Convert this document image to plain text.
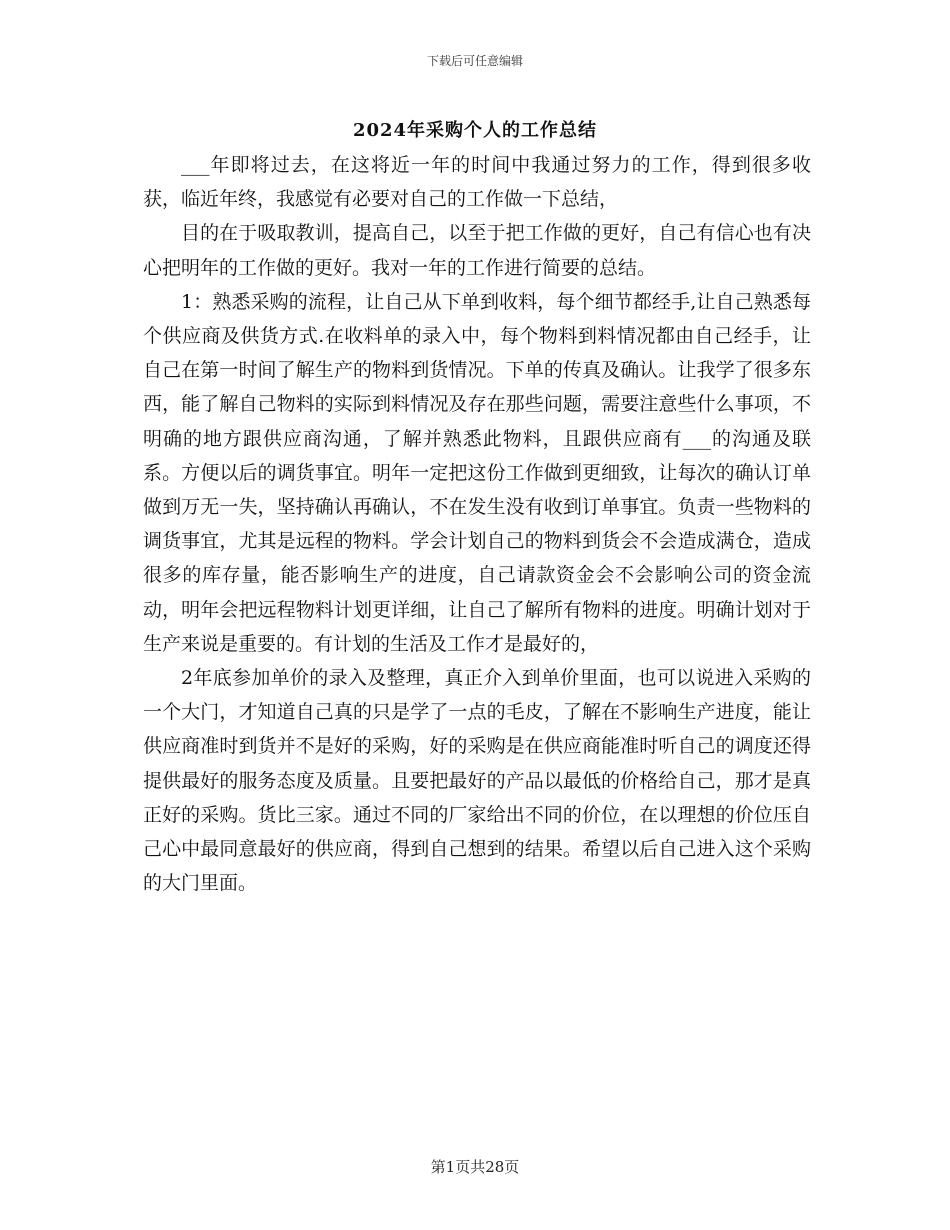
下载后可任意编辑
2024年采购个人的工作总结

___年即将过去，在这将近一年的时间中我通过努力的工作，得到很多收获，临近年终，我感觉有必要对自己的工作做一下总结，

目的在于吸取教训，提高自己，以至于把工作做的更好，自己有信心也有决心把明年的工作做的更好。我对一年的工作进行简要的总结。

1：熟悉采购的流程，让自己从下单到收料，每个细节都经手,让自己熟悉每个供应商及供货方式.在收料单的录入中，每个物料到料情况都由自己经手，让自己在第一时间了解生产的物料到货情况。下单的传真及确认。让我学了很多东西，能了解自己物料的实际到料情况及存在那些问题，需要注意些什么事项，不明确的地方跟供应商沟通，了解并熟悉此物料，且跟供应商有___的沟通及联系。方便以后的调货事宜。明年一定把这份工作做到更细致，让每次的确认订单做到万无一失，坚持确认再确认，不在发生没有收到订单事宜。负责一些物料的调货事宜，尤其是远程的物料。学会计划自己的物料到货会不会造成满仓，造成很多的库存量，能否影响生产的进度，自己请款资金会不会影响公司的资金流动，明年会把远程物料计划更详细，让自己了解所有物料的进度。明确计划对于生产来说是重要的。有计划的生活及工作才是最好的，

2年底参加单价的录入及整理，真正介入到单价里面，也可以说进入采购的一个大门，才知道自己真的只是学了一点的毛皮，了解在不影响生产进度，能让供应商准时到货并不是好的采购，好的采购是在供应商能准时听自己的调度还得提供最好的服务态度及质量。且要把最好的产品以最低的价格给自己，那才是真正好的采购。货比三家。通过不同的厂家给出不同的价位，在以理想的价位压自己心中最同意最好的供应商，得到自己想到的结果。希望以后自己进入这个采购的大门里面。

第1页共28页
